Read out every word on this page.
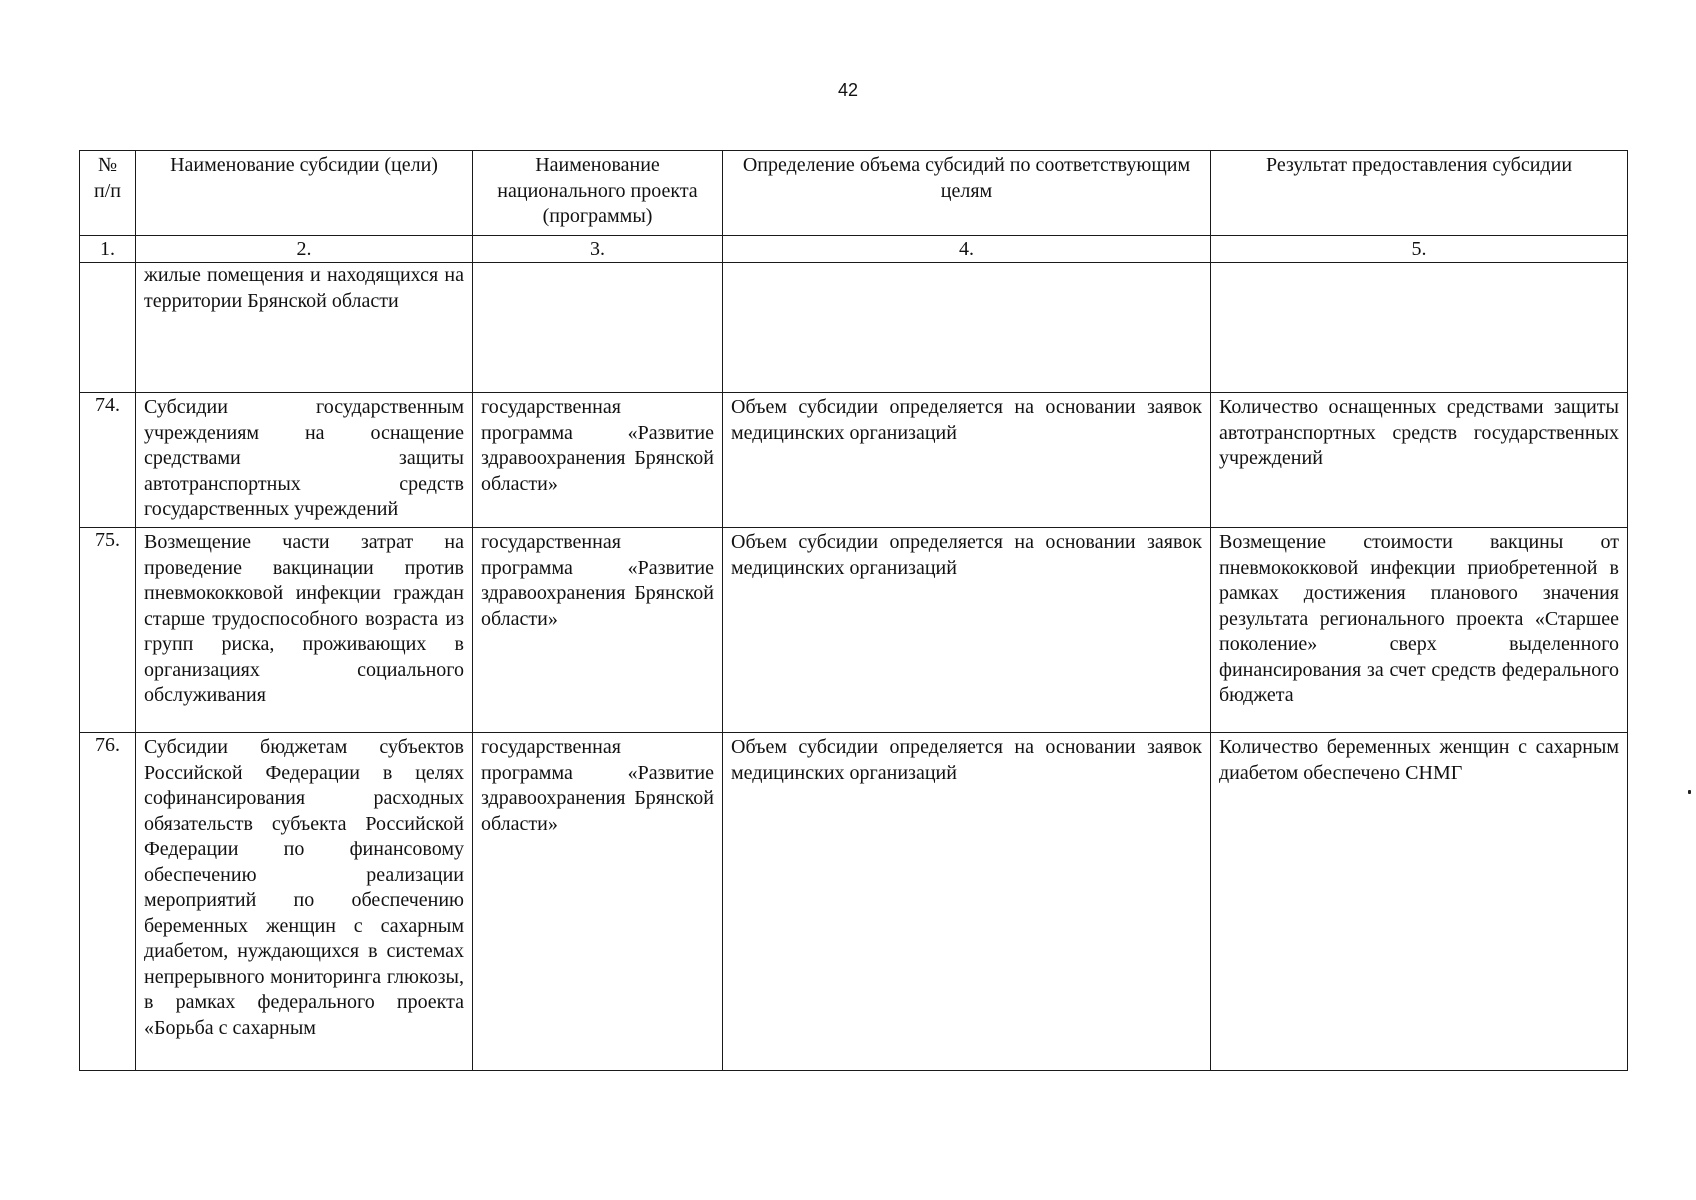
42
№ п/п	Наименование субсидии (цели)	Наименование национального проекта (программы)	Определение объема субсидий по соответствующим целям	Результат предоставления субсидии
1.	2.	3.	4.	5.
	жилые помещения и находящихся на территории Брянской области			
74.	Субсидии государственным учреждениям на оснащение средствами защиты автотранспортных средств государственных учреждений	государственная программа «Развитие здравоохранения Брянской области»	Объем субсидии определяется на основании заявок медицинских организаций	Количество оснащенных средствами защиты автотранспортных средств государственных учреждений
75.	Возмещение части затрат на проведение вакцинации против пневмококковой инфекции граждан старше трудоспособного возраста из групп риска, проживающих в организациях социального обслуживания	государственная программа «Развитие здравоохранения Брянской области»	Объем субсидии определяется на основании заявок медицинских организаций	Возмещение стоимости вакцины от пневмококковой инфекции приобретенной в рамках достижения планового значения результата регионального проекта «Старшее поколение» сверх выделенного финансирования за счет средств федерального бюджета
76.	Субсидии бюджетам субъектов Российской Федерации в целях софинансирования расходных обязательств субъекта Российской Федерации по финансовому обеспечению реализации мероприятий по обеспечению беременных женщин с сахарным диабетом, нуждающихся в системах непрерывного мониторинга глюкозы, в рамках федерального проекта «Борьба с сахарным	государственная программа «Развитие здравоохранения Брянской области»	Объем субсидии определяется на основании заявок медицинских организаций	Количество беременных женщин с сахарным диабетом обеспечено СНМГ
